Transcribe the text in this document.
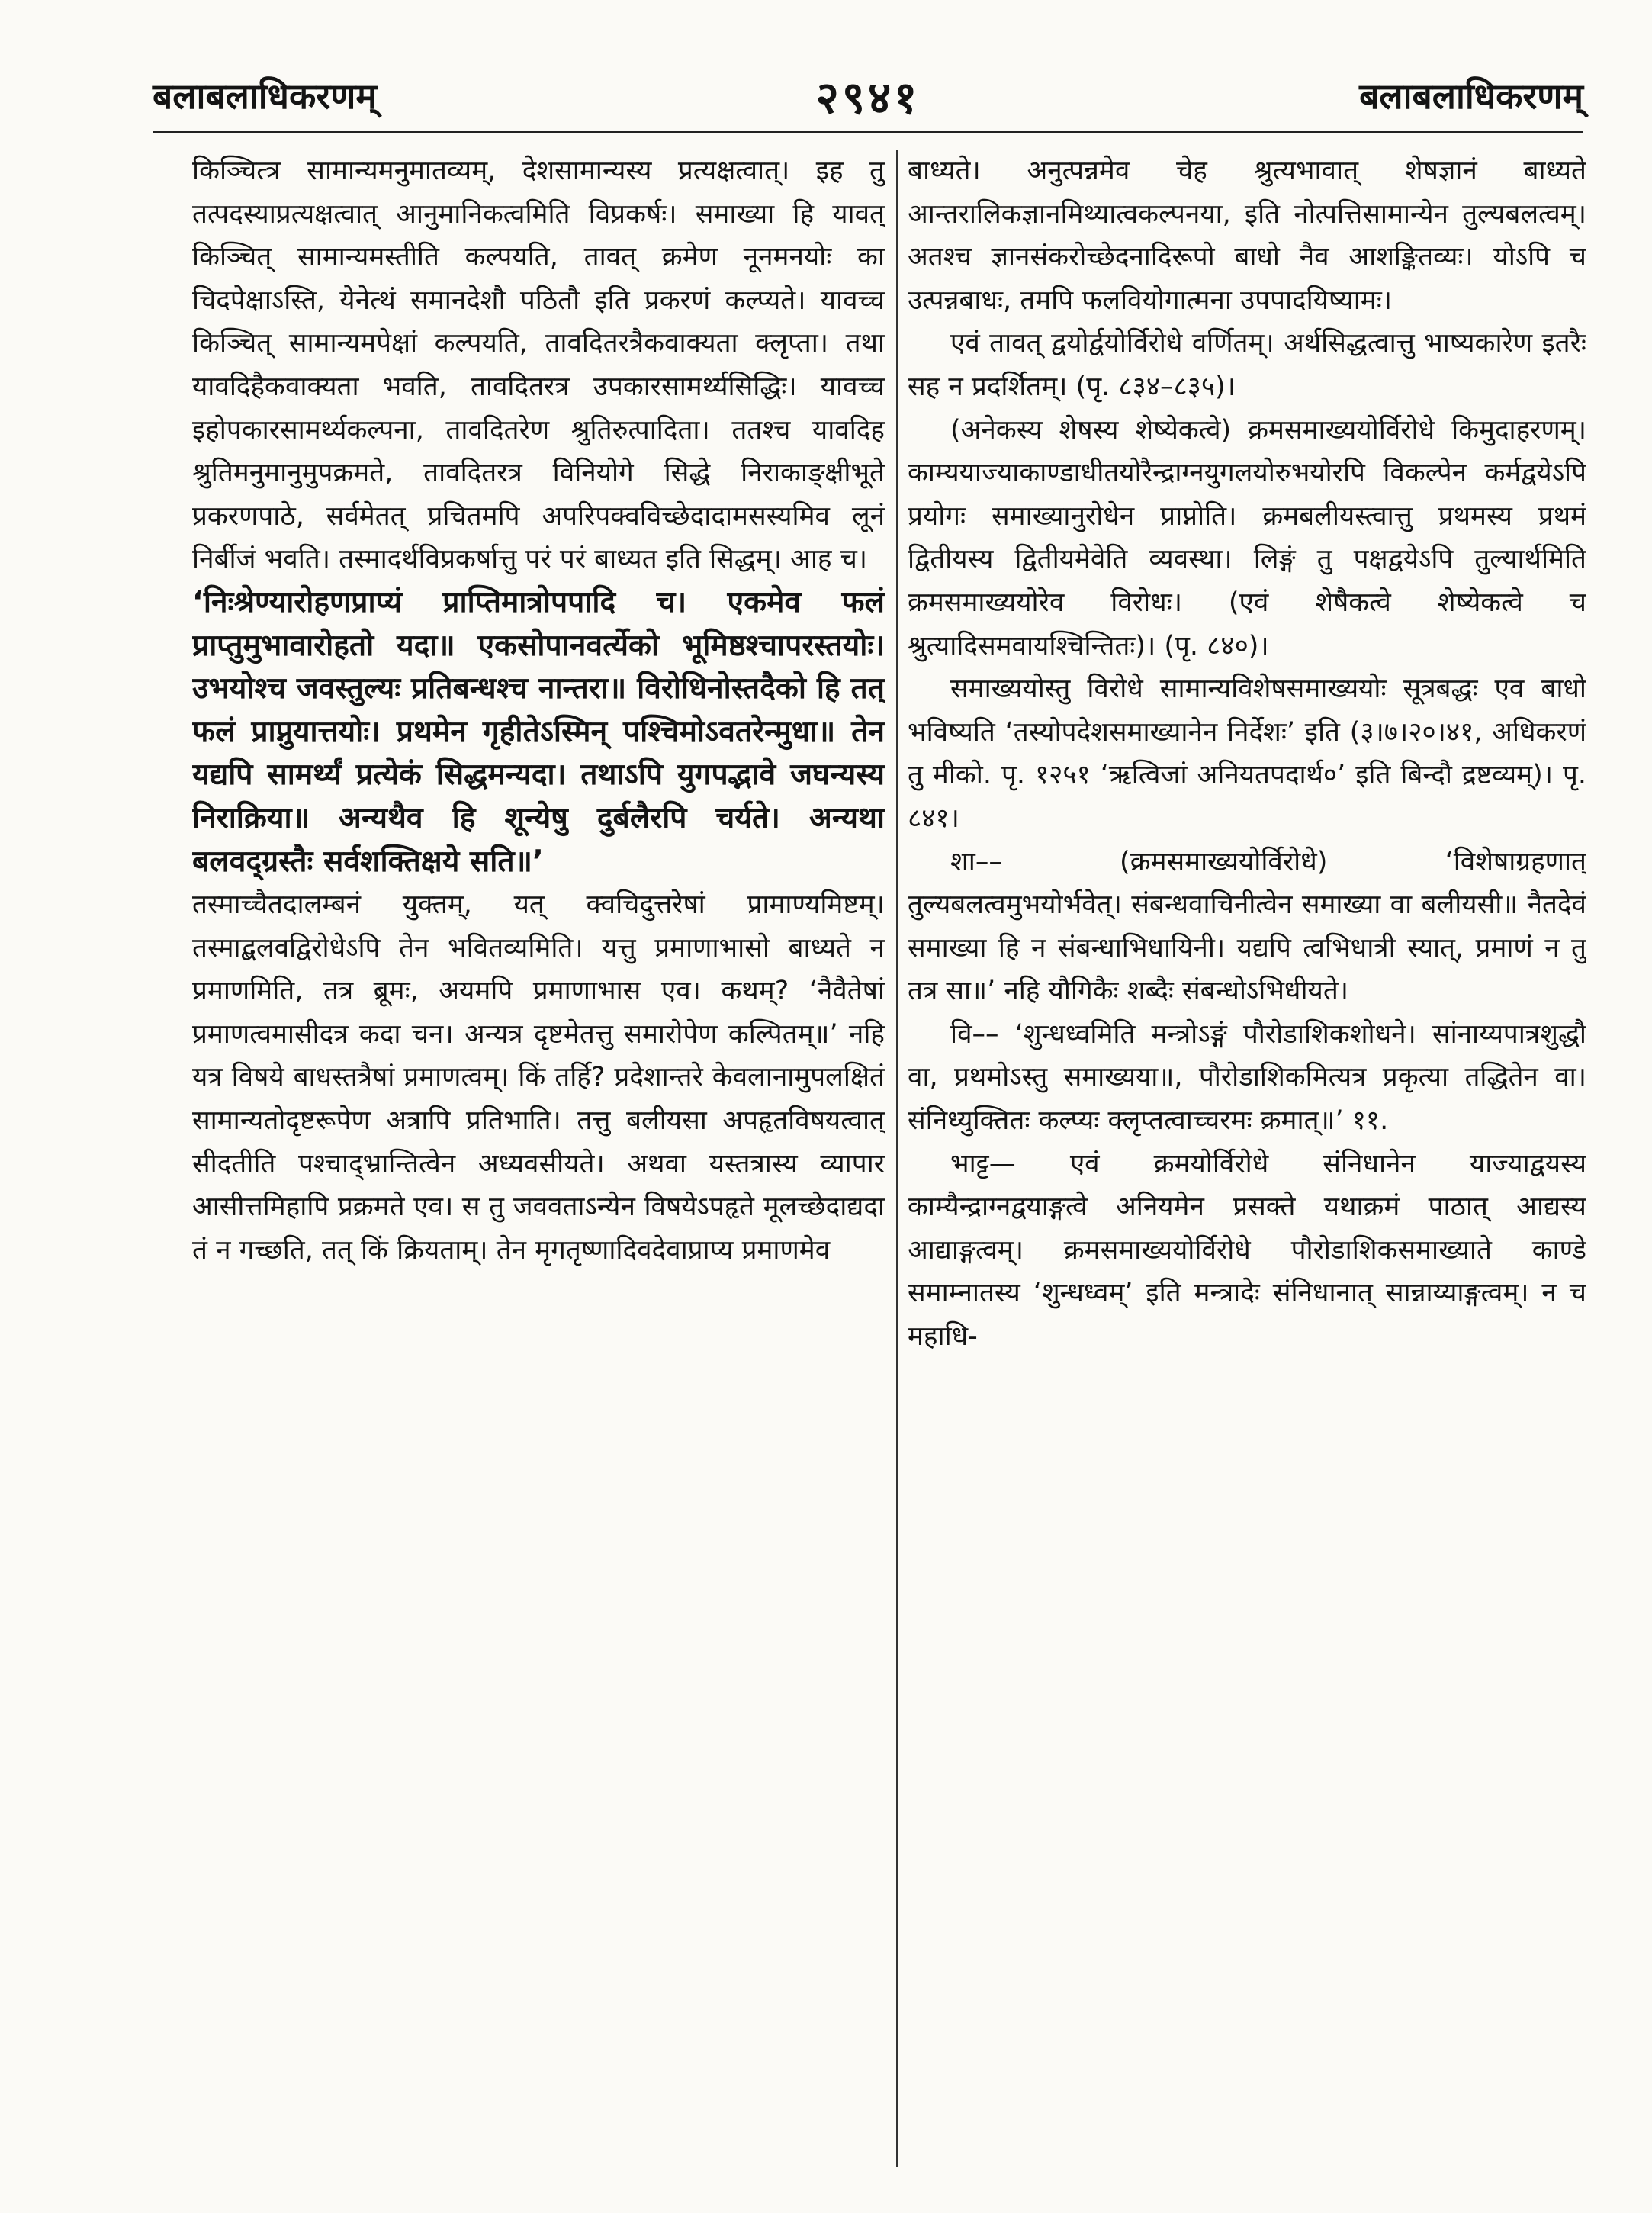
बलाबलाधिकरणम्	२९४१	बलाबलाधिकरणम्

किञ्चित्त्र सामान्यमनुमातव्यम्, देशसामान्यस्य प्रत्यक्षत्वात्। इह तु तत्पदस्याप्रत्यक्षत्वात् आनुमानिकत्वमिति विप्रकर्षः। समाख्या हि यावत् किञ्चित् सामान्यमस्तीति कल्पयति, तावत् क्रमेण नूनमनयोः का चिदपेक्षाऽस्ति, येनेत्थं समानदेशौ पठितौ इति प्रकरणं कल्प्यते। यावच्च किञ्चित् सामान्यमपेक्षां कल्पयति, तावदितरत्रैकवाक्यता क्लृप्ता। तथा यावदिहैकवाक्यता भवति, तावदितरत्र उपकारसामर्थ्यसिद्धिः। यावच्च इहोपकारसामर्थ्यकल्पना, तावदितरेण श्रुतिरुत्पादिता। ततश्च यावदिह श्रुतिमनुमानुमुपक्रमते, तावदितरत्र विनियोगे सिद्धे निराकाङ्क्षीभूते प्रकरणपाठे, सर्वमेतत् प्रचितमपि अपरिपक्वविच्छेदादामसस्यमिव लूनं निर्बीजं भवति। तस्मादर्थविप्रकर्षात्तु परं परं बाध्यत इति सिद्धम्। आह च।

‘निःश्रेण्यारोहणप्राप्यं प्राप्तिमात्रोपपादि च। एकमेव फलं प्राप्तुमुभावारोहतो यदा॥ एकसोपानवर्त्येको भूमिष्ठश्चापरस्तयोः। उभयोश्च जवस्तुल्यः प्रतिबन्धश्च नान्तरा॥ विरोधिनोस्तदैको हि तत् फलं प्राप्नुयात्तयोः। प्रथमेन गृहीतेऽस्मिन् पश्चिमोऽवतरेन्मुधा॥ तेन यद्यपि सामर्थ्यं प्रत्येकं सिद्धमन्यदा। तथाऽपि युगपद्भावे जघन्यस्य निराक्रिया॥ अन्यथैव हि शून्येषु दुर्बलैरपि चर्यते। अन्यथा बलवद्ग्रस्तैः सर्वशक्तिक्षये सति॥’

तस्माच्चैतदालम्बनं युक्तम्, यत् क्वचिदुत्तरेषां प्रामाण्यमिष्टम्। तस्माद्बलवद्विरोधेऽपि तेन भवितव्यमिति। यत्तु प्रमाणाभासो बाध्यते न प्रमाणमिति, तत्र ब्रूमः, अयमपि प्रमाणाभास एव। कथम्? ‘नैवैतेषां प्रमाणत्वमासीदत्र कदा चन। अन्यत्र दृष्टमेतत्तु समारोपेण कल्पितम्॥’ नहि यत्र विषये बाधस्तत्रैषां प्रमाणत्वम्। किं तर्हि? प्रदेशान्तरे केवलानामुपलक्षितं सामान्यतोदृष्टरूपेण अत्रापि प्रतिभाति। तत्तु बलीयसा अपहृतविषयत्वात् सीदतीति पश्चाद्भ्रान्तित्वेन अध्यवसीयते। अथवा यस्तत्रास्य व्यापार आसीत्तमिहापि प्रक्रमते एव। स तु जववताऽन्येन विषयेऽपहृते मूलच्छेदाद्यदा तं न गच्छति, तत् किं क्रियताम्। तेन मृगतृष्णादिवदेवाप्राप्य प्रमाणमेव

बाध्यते। अनुत्पन्नमेव चेह श्रुत्यभावात् शेषज्ञानं बाध्यते आन्तरालिकज्ञानमिथ्यात्वकल्पनया, इति नोत्पत्तिसामान्येन तुल्यबलत्वम्। अतश्च ज्ञानसंकरोच्छेदनादिरूपो बाधो नैव आशङ्कितव्यः। योऽपि च उत्पन्नबाधः, तमपि फलवियोगात्मना उपपादयिष्यामः।

एवं तावत् द्वयोर्द्वयोर्विरोधे वर्णितम्। अर्थसिद्धत्वात्तु भाष्यकारेण इतरैः सह न प्रदर्शितम्। (पृ. ८३४–८३५)।

(अनेकस्य शेषस्य शेष्येकत्वे) क्रमसमाख्ययोर्विरोधे किमुदाहरणम्। काम्ययाज्याकाण्डाधीतयोरैन्द्राग्नयुगलयोरुभयोरपि विकल्पेन कर्मद्वयेऽपि प्रयोगः समाख्यानुरोधेन प्राप्नोति। क्रमबलीयस्त्वात्तु प्रथमस्य प्रथमं द्वितीयस्य द्वितीयमेवेति व्यवस्था। लिङ्गं तु पक्षद्वयेऽपि तुल्यार्थमिति क्रमसमाख्ययोरेव विरोधः। (एवं शेषैकत्वे शेष्येकत्वे च श्रुत्यादिसमवायश्चिन्तितः)। (पृ. ८४०)।

समाख्ययोस्तु विरोधे सामान्यविशेषसमाख्ययोः सूत्रबद्धः एव बाधो भविष्यति ‘तस्योपदेशसमाख्यानेन निर्देशः’ इति (३।७।२०।४१, अधिकरणं तु मीको. पृ. १२५१ ‘ऋत्विजां अनियतपदार्थ०’ इति बिन्दौ द्रष्टव्यम्)। पृ. ८४१।

शा–– (क्रमसमाख्ययोर्विरोधे) ‘विशेषाग्रहणात् तुल्यबलत्वमुभयोर्भवेत्। संबन्धवाचिनीत्वेन समाख्या वा बलीयसी॥ नैतदेवं समाख्या हि न संबन्धाभिधायिनी। यद्यपि त्वभिधात्री स्यात्, प्रमाणं न तु तत्र सा॥’ नहि यौगिकैः शब्दैः संबन्धोऽभिधीयते।

वि–– ‘शुन्धध्वमिति मन्त्रोऽङ्गं पौरोडाशिकशोधने। सांनाय्यपात्रशुद्धौ वा, प्रथमोऽस्तु समाख्यया॥, पौरोडाशिकमित्यत्र प्रकृत्या तद्धितेन वा। संनिध्युक्तितः कल्प्यः क्लृप्तत्वाच्चरमः क्रमात्॥’ ११.

भाट्ट— एवं क्रमयोर्विरोधे संनिधानेन याज्याद्वयस्य काम्यैन्द्राग्नद्वयाङ्गत्वे अनियमेन प्रसक्ते यथाक्रमं पाठात् आद्यस्य आद्याङ्गत्वम्। क्रमसमाख्ययोर्विरोधे पौरोडाशिकसमाख्याते काण्डे समाम्नातस्य ‘शुन्धध्वम्’ इति मन्त्रादेः संनिधानात् सान्नाय्याङ्गत्वम्। न च महाधि-
